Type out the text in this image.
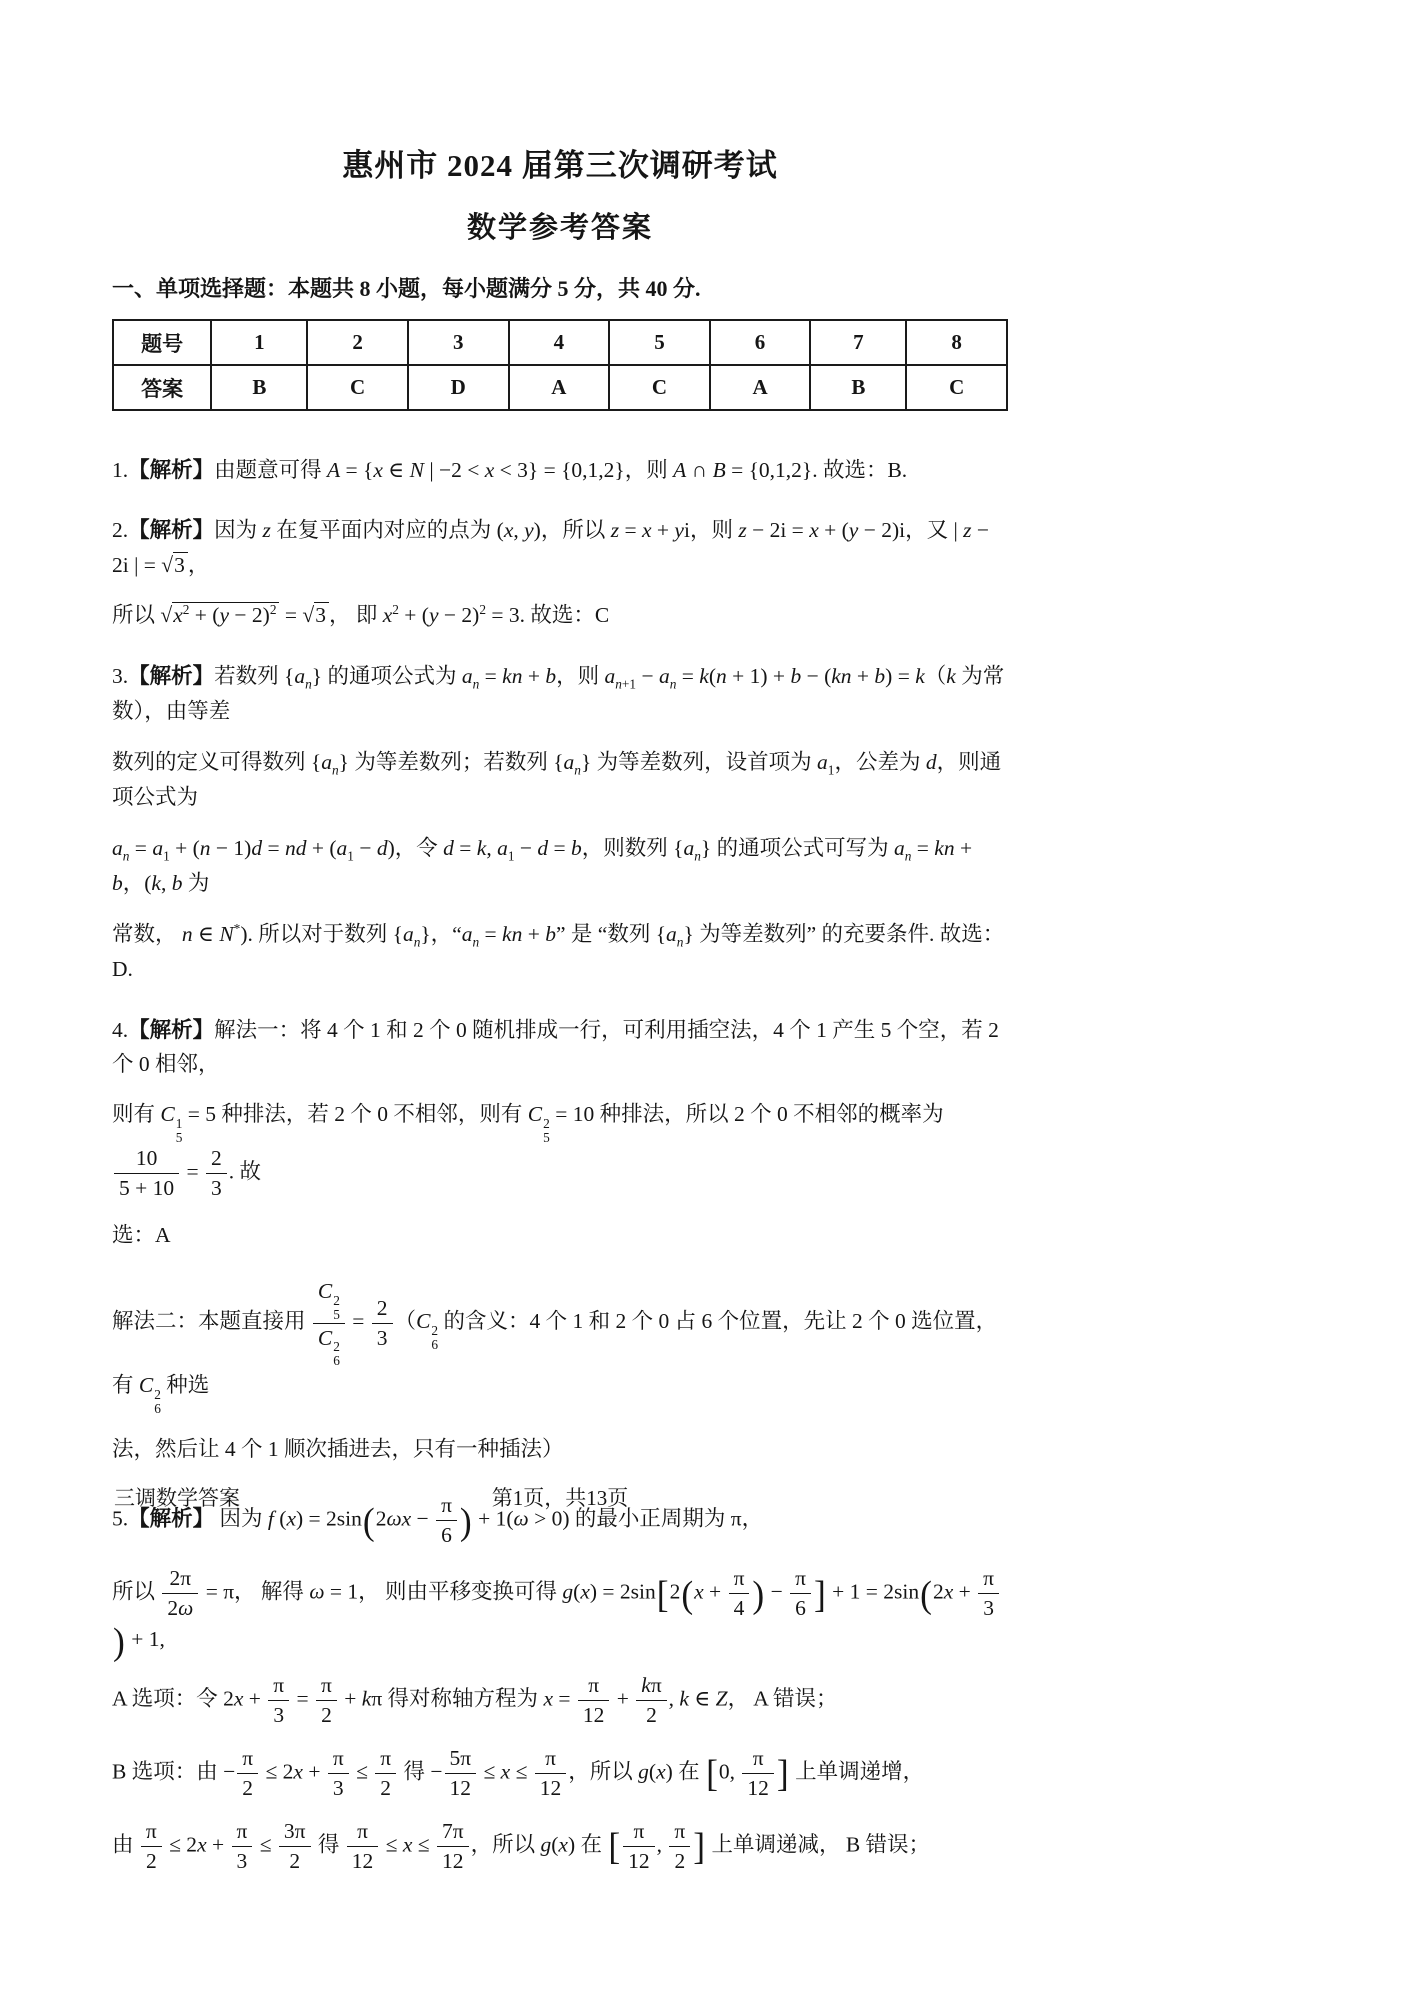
惠州市 2024 届第三次调研考试
数学参考答案
一、单项选择题：本题共 8 小题，每小题满分 5 分，共 40 分.
题号	1	2	3	4	5	6	7	8
答案	B	C	D	A	C	A	B	C
1.【解析】由题意可得 A = {x ∈ N | −2 < x < 3} = {0,1,2}，则 A ∩ B = {0,1,2}. 故选：B.
2.【解析】因为 z 在复平面内对应的点为 (x, y)，所以 z = x + yi，则 z − 2i = x + (y − 2)i，又 | z − 2i | = √3 ，
所以 $√x^2 + (y - 2)^2 = √3$ ， 即 $x^2 + (y - 2)^2 = 3$. 故选：C
3.【解析】若数列 $\{a_n\}$ 的通项公式为 $a_n$ = kn + b，则 $a_{n+1} - a_n = k(n + 1) + b - (kn + b) = k(k$ 为常数），由等差
数列的定义可得数列 $\{a_n\}$ 为等差数列；若数列 $\{a_n\}$ 为等差数列，设首项为 $a_1$，公差为 d，则通项公式为
$a_n = a_1 + (n - 1)d$ = nd + $(a_1 - d)$，令 d = k, $a_1 - d = b$，则数列 $\{a_n\}$ 的通项公式可写为 $a_n$ = kn + b，(k, b 为
常数， n ∈ N*). 所以对于数列 $\{a_n\}$，“$a_n$ = kn + b” 是 “数列 $\{a_n\}$ 为等差数列” 的充要条件. 故选：D.
4.【解析】解法一：将 4 个 1 和 2 个 0 随机排成一行，可利用插空法，4 个 1 产生 5 个空，若 2 个 0 相邻，
则有 C 1
5
= 5 种排法，若 2 个 0 不相邻，则有 C 2
5
= 10 种排法，所以 2 个 0 不相邻的概率为
$\frac{10}{5 + 10} = \frac{2}{3}$ . 故
选：A
解法二：本题直接用 C 2
5
C 2
$6 = \frac{2}{3} (C$ 2
6
的含义：4 个 1 和 2 个 0 占 6 个位置，先让 2 个 0 选位置，有 C 2
6
种选
法，然后让 4 个 1 顺次插进去，只有一种插法）
5.【解析】 因为 f $(x) = 2\sin(2\omega x - \frac{\pi}{6}$ ) + 1(ω > 0) 的最小正周期为 π，
所以 $\frac{2\pi}{2\omega} = \pi$， 解得 ω = 1， 则由平移变换可得 $g(x) = 2\sin[2(x + \frac{\pi}{4}$ ) − $\frac{\pi}{6}$ ] + $1 = 2\sin(2x + \frac{\pi}{3}$
) + 1,
A 选项：令 $2x + \frac{\pi}{3} = \frac{\pi}{2} + k\pi$ 得对称轴方程为 $x = \frac{\pi}{12} + \frac{k\pi}{2}$ , k ∈ Z， A 错误；
B 选项：由 − $\frac{\pi}{2} \le 2x + \frac{\pi}{3} \le \frac{\pi}{2}$ 得 − $\frac{5\pi}{12} \le x \le \frac{\pi}{12}$ ，所以 g(x) 在 [0, $\frac{\pi}{12}$ ] 上单调递增，
由 $\frac{\pi}{2} \le 2x + \frac{\pi}{3} \le \frac{3\pi}{2}$ 得 $\frac{\pi}{12} \le x \le \frac{7\pi}{12}$ ，所以 g(x) 在 [ $\frac{\pi}{12}$ , $\frac{\pi}{2}$ ] 上单调递减， B 错误；
三调数学答案	第1页，共13页
